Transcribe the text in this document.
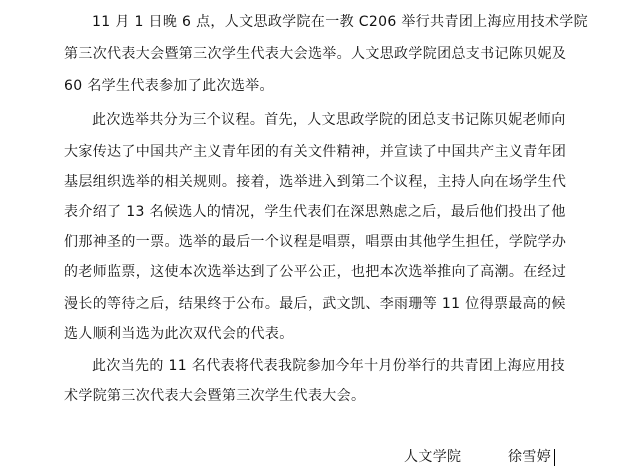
11 月 1 日晚 6 点，人文思政学院在一教 C206 举行共青团上海应用技术学院
第三次代表大会暨第三次学生代表大会选举。人文思政学院团总支书记陈贝妮及
60 名学生代表参加了此次选举。
此次选举共分为三个议程。首先，人文思政学院的团总支书记陈贝妮老师向
大家传达了中国共产主义青年团的有关文件精神，并宣读了中国共产主义青年团
基层组织选举的相关规则。接着，选举进入到第二个议程，主持人向在场学生代
表介绍了 13 名候选人的情况，学生代表们在深思熟虑之后，最后他们投出了他
们那神圣的一票。选举的最后一个议程是唱票，唱票由其他学生担任，学院学办
的老师监票，这使本次选举达到了公平公正，也把本次选举推向了高潮。在经过
漫长的等待之后，结果终于公布。最后，武文凯、李雨珊等 11 位得票最高的候
选人顺利当选为此次双代会的代表。
此次当先的 11 名代表将代表我院参加今年十月份举行的共青团上海应用技
术学院第三次代表大会暨第三次学生代表大会。
人文学院	徐雪婷
